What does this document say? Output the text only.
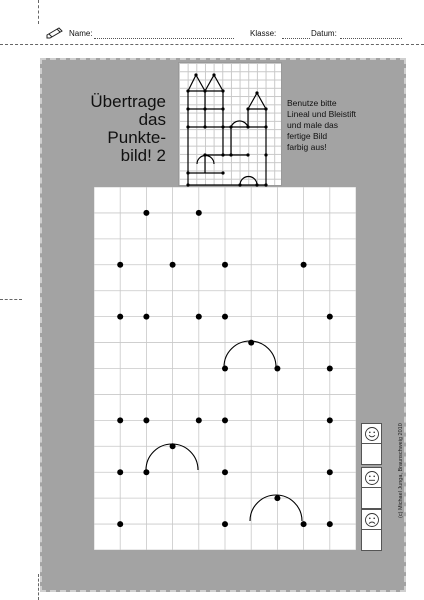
Name:	Klasse:	Datum:
Übertrage
das
Punkte-
bild! 2
Benutze bitte
Lineal und Bleistift
und male das
fertige Bild
farbig aus!
(c) Michael Junga, Braunschweig 2010
